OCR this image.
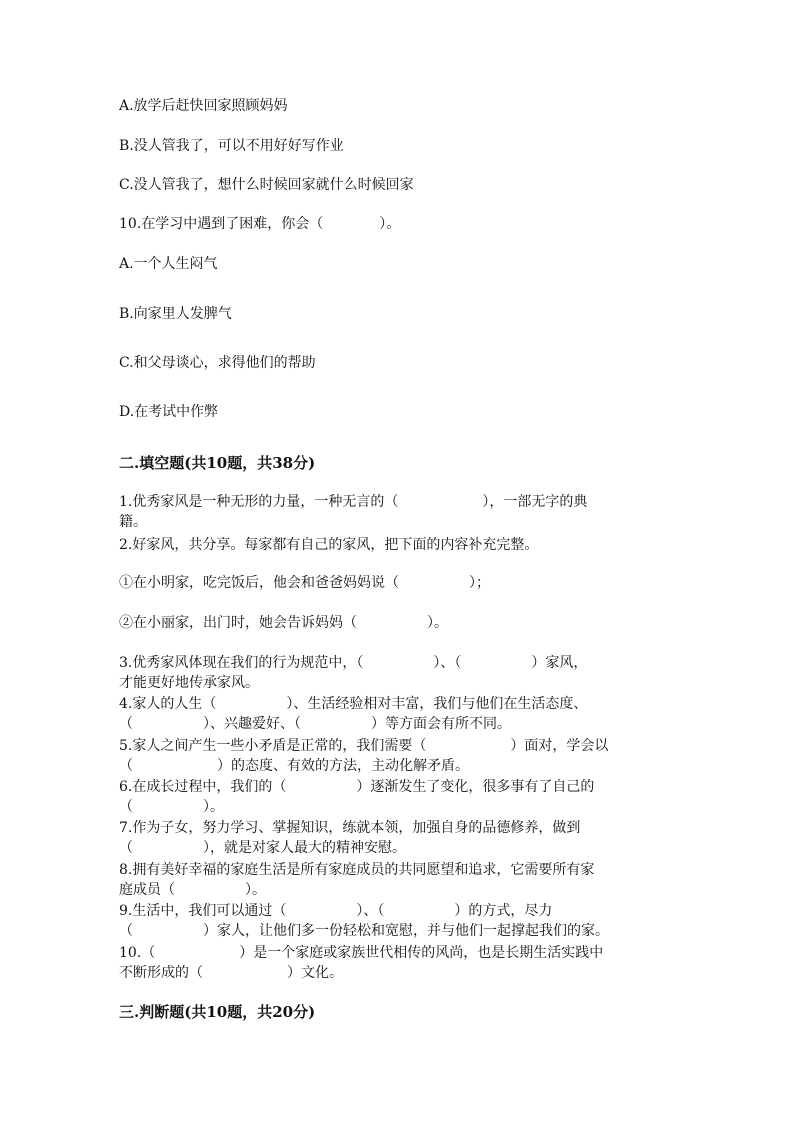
A.放学后赶快回家照顾妈妈
B.没人管我了，可以不用好好写作业
C.没人管我了，想什么时候回家就什么时候回家
10.在学习中遇到了困难，你会（　　　　）。
A.一个人生闷气
B.向家里人发脾气
C.和父母谈心，求得他们的帮助
D.在考试中作弊
二.填空题(共10题，共38分)
1.优秀家风是一种无形的力量，一种无言的（　　　　　　），一部无字的典
籍。
2.好家风，共分享。每家都有自己的家风，把下面的内容补充完整。
①在小明家，吃完饭后，他会和爸爸妈妈说（　　　　　）；
②在小丽家，出门时，她会告诉妈妈（　　　　　）。
3.优秀家风体现在我们的行为规范中，（　　　　　）、（　　　　　）家风，
才能更好地传承家风。
4.家人的人生（　　　　　）、生活经验相对丰富，我们与他们在生活态度、
（　　　　　）、兴趣爱好、（　　　　　）等方面会有所不同。
5.家人之间产生一些小矛盾是正常的，我们需要（　　　　　　）面对，学会以
（　　　　　　）的态度、有效的方法，主动化解矛盾。
6.在成长过程中，我们的（　　　　　）逐渐发生了变化，很多事有了自己的
（　　　　　）。
7.作为子女，努力学习、掌握知识，练就本领，加强自身的品德修养，做到
（　　　　　），就是对家人最大的精神安慰。
8.拥有美好幸福的家庭生活是所有家庭成员的共同愿望和追求，它需要所有家
庭成员（　　　　　）。
9.生活中，我们可以通过（　　　　　）、（　　　　　）的方式，尽力
（　　　　　）家人，让他们多一份轻松和宽慰，并与他们一起撑起我们的家。
10.（　　　　　　）是一个家庭或家族世代相传的风尚，也是长期生活实践中
不断形成的（　　　　　　）文化。
三.判断题(共10题，共20分)
